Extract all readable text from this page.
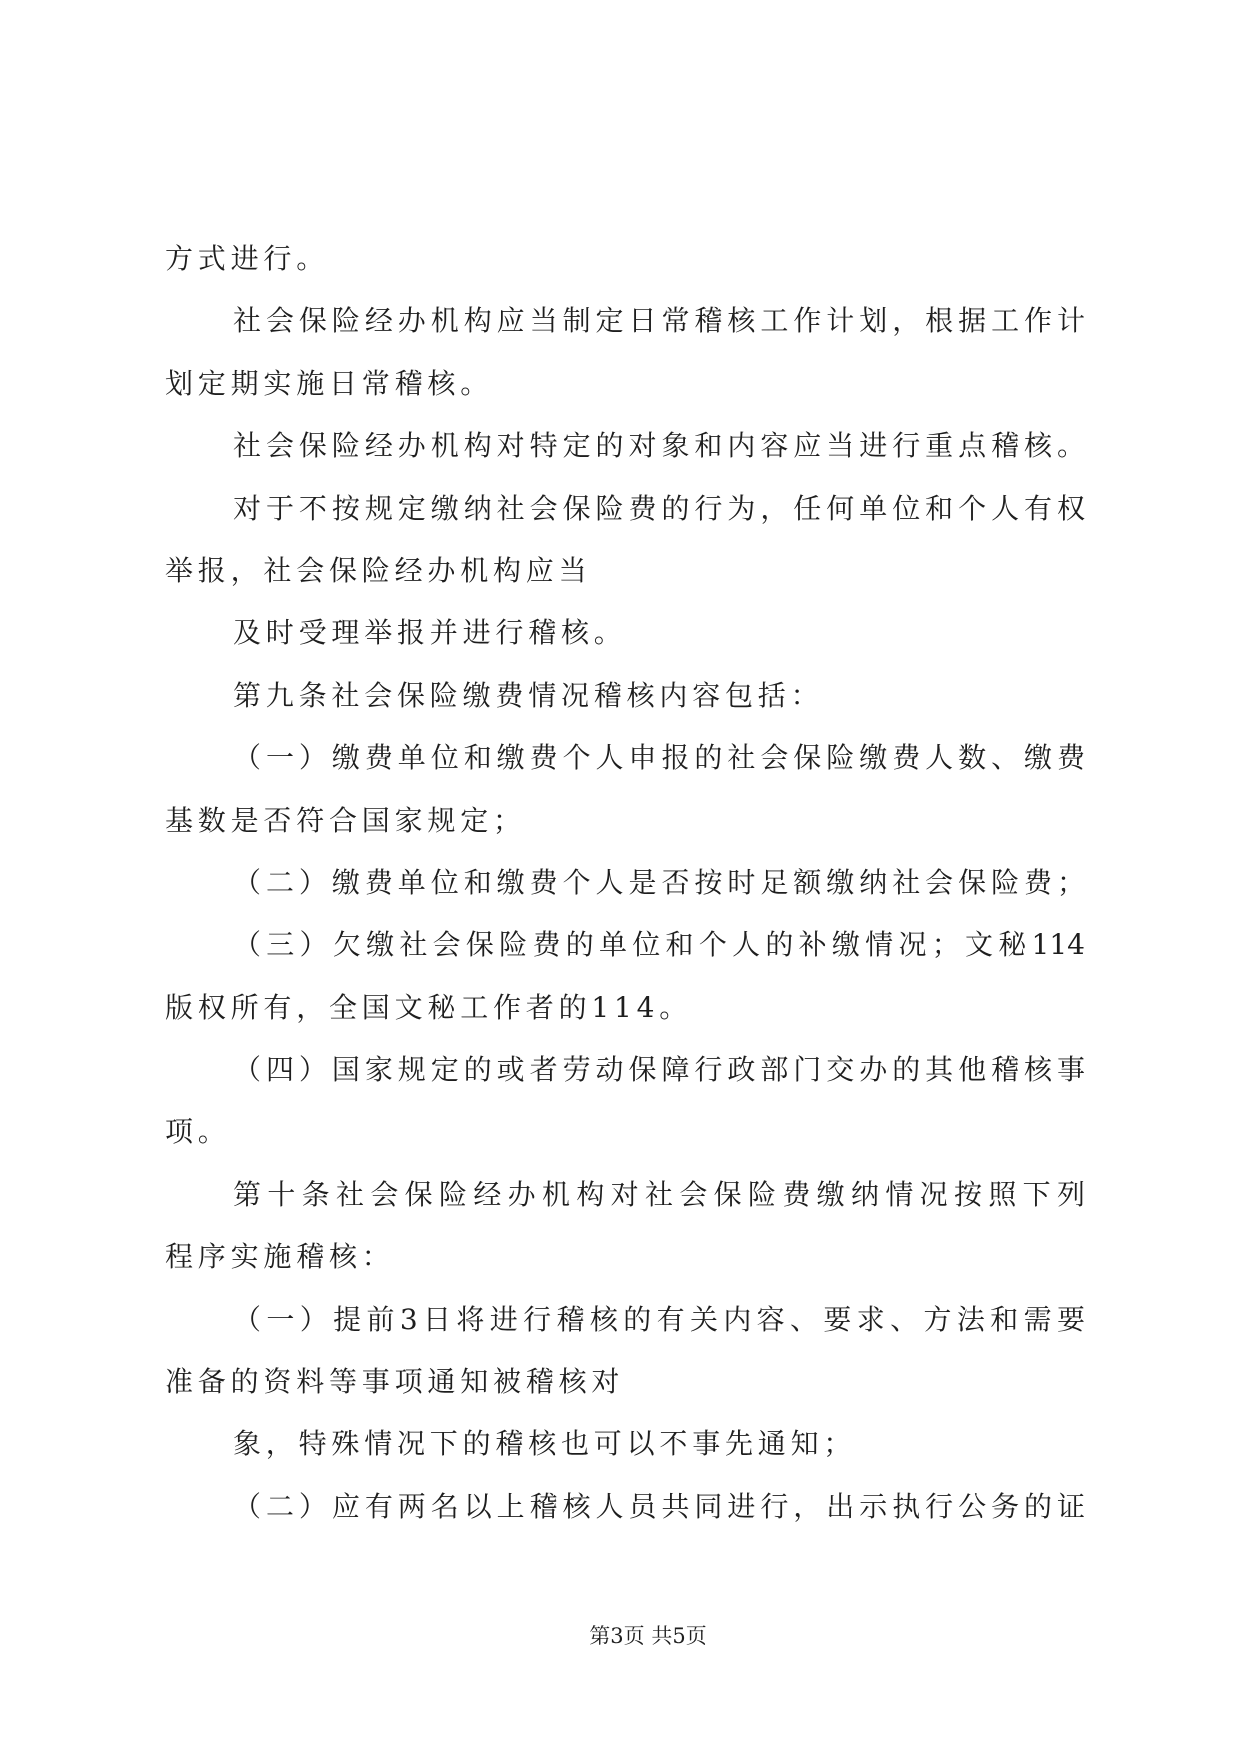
方式进行。
社会保险经办机构应当制定日常稽核工作计划，根据工作计
划定期实施日常稽核。
社会保险经办机构对特定的对象和内容应当进行重点稽核。
对于不按规定缴纳社会保险费的行为，任何单位和个人有权
举报，社会保险经办机构应当
及时受理举报并进行稽核。
第九条社会保险缴费情况稽核内容包括：
（一）缴费单位和缴费个人申报的社会保险缴费人数、缴费
基数是否符合国家规定；
（二）缴费单位和缴费个人是否按时足额缴纳社会保险费；
（三）欠缴社会保险费的单位和个人的补缴情况；文秘114
版权所有，全国文秘工作者的114。
（四）国家规定的或者劳动保障行政部门交办的其他稽核事
项。
第十条社会保险经办机构对社会保险费缴纳情况按照下列
程序实施稽核：
（一）提前3日将进行稽核的有关内容、要求、方法和需要
准备的资料等事项通知被稽核对
象，特殊情况下的稽核也可以不事先通知；
（二）应有两名以上稽核人员共同进行，出示执行公务的证
第3页 共5页
